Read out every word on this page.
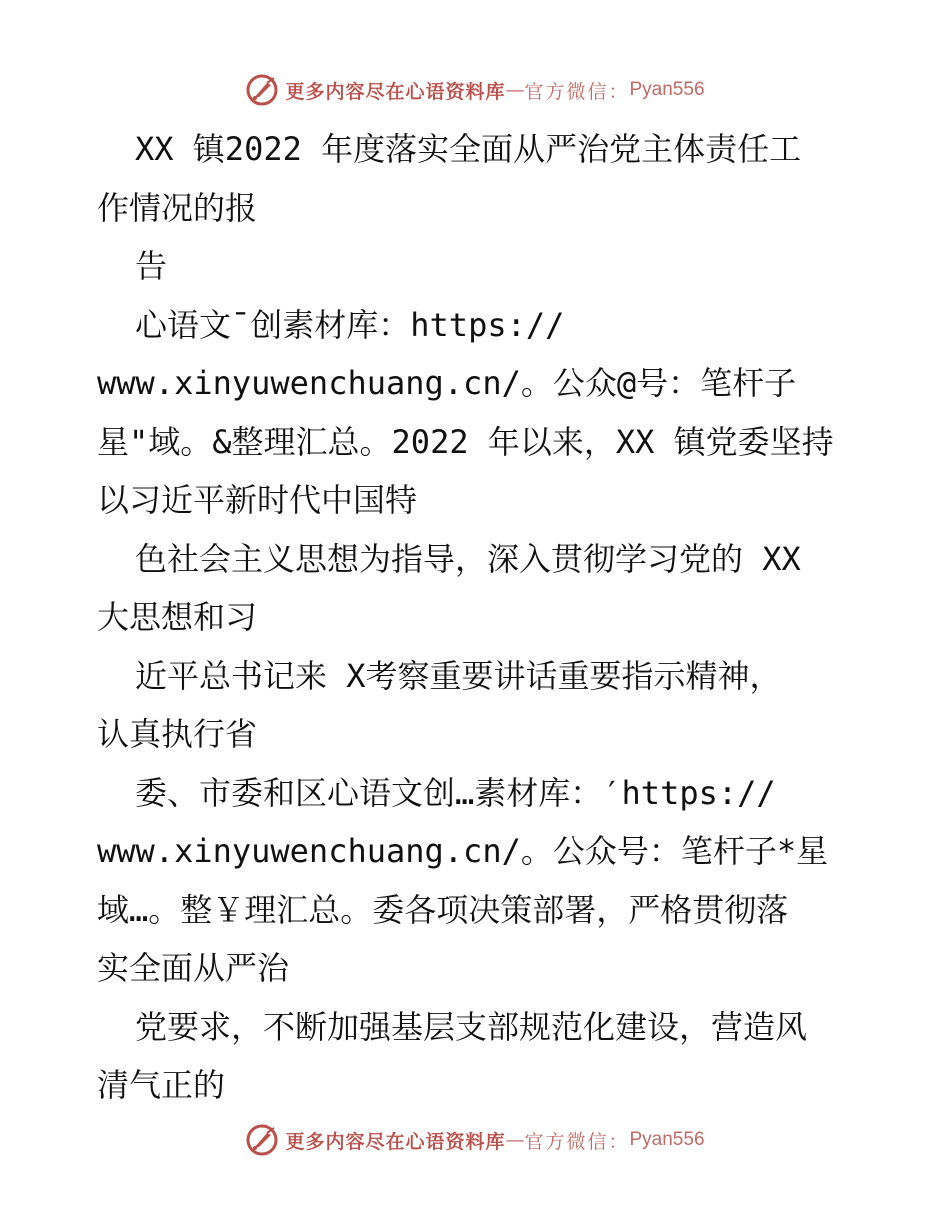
更多内容尽在心语资料库 — 官方微信： Pyan556
XX 镇2022 年度落实全面从严治党主体责任工
作情况的报
告
心语文¯创素材库：https://
www.xinyuwenchuang.cn/。公众@号：笔杆子
星"域。&整理汇总。2022 年以来，XX 镇党委坚持
以习近平新时代中国特
色社会主义思想为指导，深入贯彻学习党的 XX
大思想和习
近平总书记来 X考察重要讲话重要指示精神，
认真执行省
委、市委和区心语文创…素材库：′https://
www.xinyuwenchuang.cn/。公众号：笔杆子*星
域…。整￥理汇总。委各项决策部署，严格贯彻落
实全面从严治
党要求，不断加强基层支部规范化建设，营造风
清气正的
更多内容尽在心语资料库 — 官方微信： Pyan556
